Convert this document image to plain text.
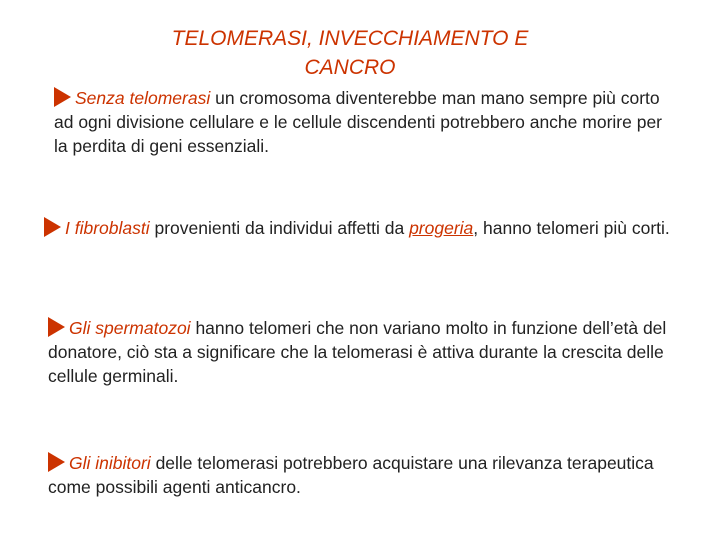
TELOMERASI, INVECCHIAMENTO E
CANCRO
Senza telomerasi un cromosoma diventerebbe man mano sempre più corto ad ogni divisione cellulare e le cellule discendenti potrebbero anche morire per la perdita di geni essenziali.
I fibroblasti provenienti da individui affetti da progeria, hanno telomeri più corti.
Gli spermatozoi hanno telomeri che non variano molto in funzione dell’età del donatore, ciò sta a significare che la telomerasi è attiva durante la crescita delle cellule germinali.
Gli inibitori delle telomerasi potrebbero acquistare una rilevanza terapeutica come possibili agenti anticancro.
